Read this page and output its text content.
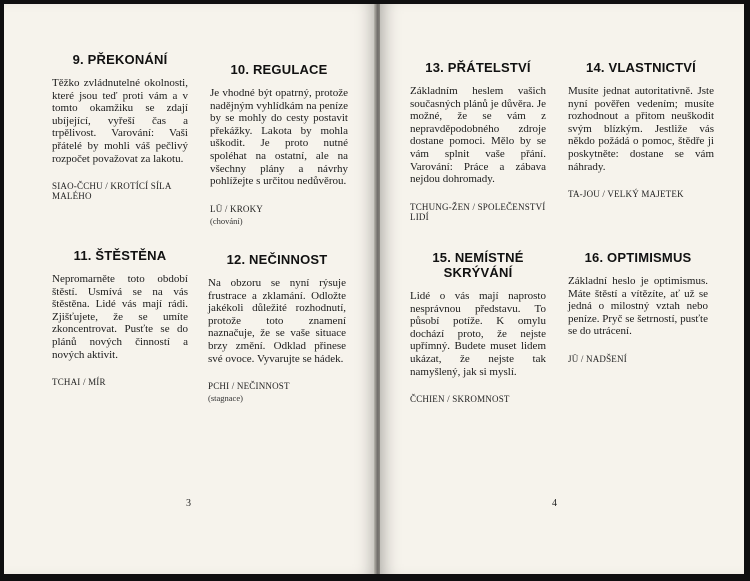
9. PŘEKONÁNÍ

Těžko zvládnutelné okolnosti, které jsou teď proti vám a v tomto okamžiku se zdají ubíjející, vyřeší čas a trpělivost. Varování: Vaši přátelé by mohli váš pečlivý rozpočet považovat za lakotu.

SIAO-ČCHU / KROTÍCÍ SÍLA MALÉHO
10. REGULACE

Je vhodné být opatrný, protože nadějným vyhlídkám na peníze by se mohly do cesty postavit překážky. Lakota by mohla uškodit. Je proto nutné spoléhat na ostatní, ale na všechny plány a návrhy pohlížejte s určitou nedůvěrou.

LÜ / KROKY
(chování)
11. ŠTĚSTĚNA

Nepromarněte toto období štěstí. Usmívá se na vás štěstěna. Lidé vás mají rádi. Zjišťujete, že se umíte zkoncentrovat. Pusťte se do plánů nových činností a nových aktivit.

TCHAI / MÍR
12. NEČINNOST

Na obzoru se nyní rýsuje frustrace a zklamání. Odložte jakékoli důležité rozhodnutí, protože toto znamení naznačuje, že se vaše situace brzy změní. Odklad přinese své ovoce. Vyvarujte se hádek.

PCHI / NEČINNOST
(stagnace)
3
13. PŘÁTELSTVÍ

Základním heslem vašich současných plánů je důvěra. Je možné, že se vám z nepravděpodobného zdroje dostane pomoci. Mělo by se vám splnit vaše přání. Varování: Práce a zábava nejdou dohromady.

TCHUNG-ŽEN / SPOLEČENSTVÍ LIDÍ
14. VLASTNICTVÍ

Musíte jednat autoritativně. Jste nyní pověřen vedením; musíte rozhodnout a přitom neuškodit svým blízkým. Jestliže vás někdo požádá o pomoc, štědře ji poskytněte: dostane se vám náhrady.

TA-JOU / VELKÝ MAJETEK
15. NEMÍSTNÉ SKRÝVÁNÍ

Lidé o vás mají naprosto nesprávnou představu. To působí potíže. K omylu dochází proto, že nejste upřímný. Budete muset lidem ukázat, že nejste tak namyšlený, jak si myslí.

ČCHIEN / SKROMNOST
16. OPTIMISMUS

Základní heslo je optimismus. Máte štěstí a vítězíte, ať už se jedná o milostný vztah nebo peníze. Pryč se šetrností, pusťte se do utrácení.

JÜ / NADŠENÍ
4
